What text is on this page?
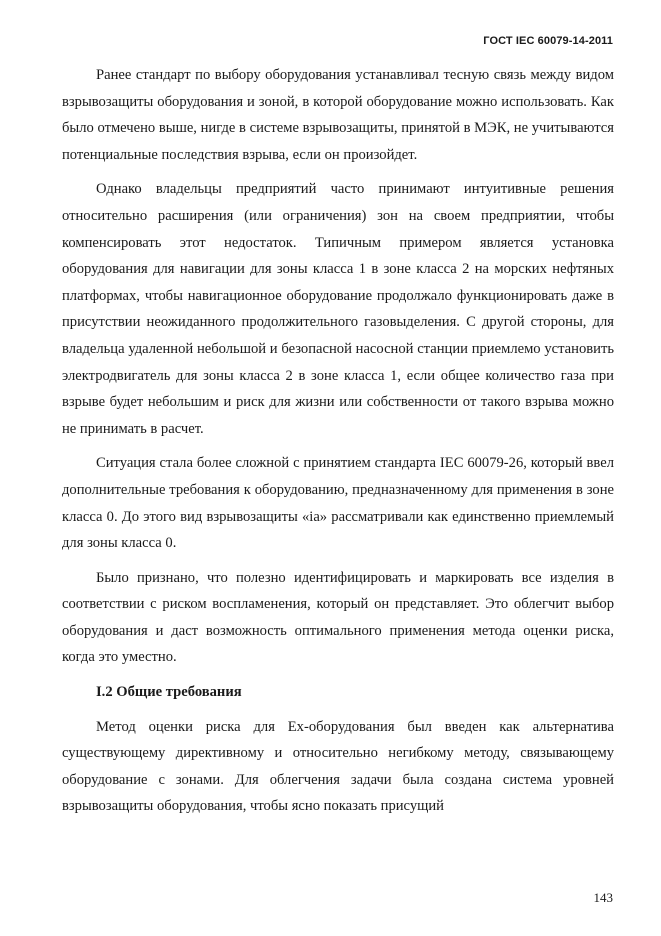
ГОСТ IEC 60079-14-2011

Ранее стандарт по выбору оборудования устанавливал тесную связь между видом взрывозащиты оборудования и зоной, в которой оборудование можно использовать. Как было отмечено выше, нигде в системе взрывозащиты, принятой в МЭК, не учитываются потенциальные последствия взрыва, если он произойдет.

Однако владельцы предприятий часто принимают интуитивные решения относительно расширения (или ограничения) зон на своем предприятии, чтобы компенсировать этот недостаток. Типичным примером является установка оборудования для навигации для зоны класса 1 в зоне класса 2 на морских нефтяных платформах, чтобы навигационное оборудование продолжало функционировать даже в присутствии неожиданного продолжительного газовыделения. С другой стороны, для владельца удаленной небольшой и безопасной насосной станции приемлемо установить электродвигатель для зоны класса 2 в зоне класса 1, если общее количество газа при взрыве будет небольшим и риск для жизни или собственности от такого взрыва можно не принимать в расчет.

Ситуация стала более сложной с принятием стандарта IEC 60079-26, который ввел дополнительные требования к оборудованию, предназначенному для применения в зоне класса 0. До этого вид взрывозащиты «ia» рассматривали как единственно приемлемый для зоны класса 0.

Было признано, что полезно идентифицировать и маркировать все изделия в соответствии с риском воспламенения, который он представляет. Это облегчит выбор оборудования и даст возможность оптимального применения метода оценки риска, когда это уместно.

I.2 Общие требования

Метод оценки риска для Ex-оборудования был введен как альтернатива существующему директивному и относительно негибкому методу, связывающему оборудование с зонами. Для облегчения задачи была создана система уровней взрывозащиты оборудования, чтобы ясно показать присущий

143
